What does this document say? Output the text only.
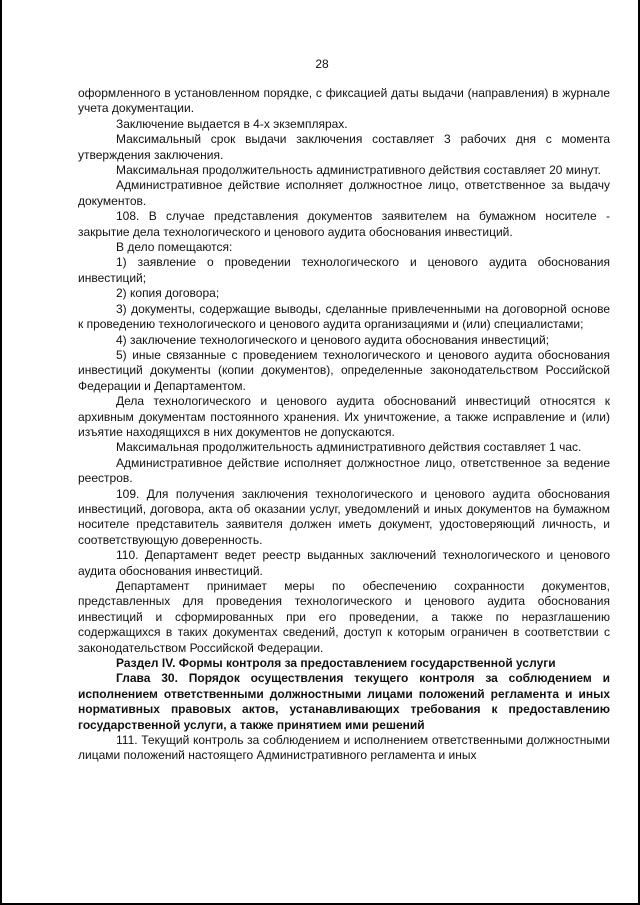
28

оформленного в установленном порядке, с фиксацией даты выдачи (направления) в журнале учета документации.

Заключение выдается в 4-х экземплярах.

Максимальный срок выдачи заключения составляет 3 рабочих дня с момента утверждения заключения.

Максимальная продолжительность административного действия составляет 20 минут.

Административное действие исполняет должностное лицо, ответственное за выдачу документов.

108. В случае представления документов заявителем на бумажном носителе - закрытие дела технологического и ценового аудита обоснования инвестиций.

В дело помещаются:

1) заявление о проведении технологического и ценового аудита обоснования инвестиций;

2) копия договора;

3) документы, содержащие выводы, сделанные привлеченными на договорной основе к проведению технологического и ценового аудита организациями и (или) специалистами;

4) заключение технологического и ценового аудита обоснования инвестиций;

5) иные связанные с проведением технологического и ценового аудита обоснования инвестиций документы (копии документов), определенные законодательством Российской Федерации и Департаментом.

Дела технологического и ценового аудита обоснований инвестиций относятся к архивным документам постоянного хранения. Их уничтожение, а также исправление и (или) изъятие находящихся в них документов не допускаются.

Максимальная продолжительность административного действия составляет 1 час.

Административное действие исполняет должностное лицо, ответственное за ведение реестров.

109. Для получения заключения технологического и ценового аудита обоснования инвестиций, договора, акта об оказании услуг, уведомлений и иных документов на бумажном носителе представитель заявителя должен иметь документ, удостоверяющий личность, и соответствующую доверенность.

110. Департамент ведет реестр выданных заключений технологического и ценового аудита обоснования инвестиций.

Департамент принимает меры по обеспечению сохранности документов, представленных для проведения технологического и ценового аудита обоснования инвестиций и сформированных при его проведении, а также по неразглашению содержащихся в таких документах сведений, доступ к которым ограничен в соответствии с законодательством Российской Федерации.

Раздел IV. Формы контроля за предоставлением государственной услуги

Глава 30. Порядок осуществления текущего контроля за соблюдением и исполнением ответственными должностными лицами положений регламента и иных нормативных правовых актов, устанавливающих требования к предоставлению государственной услуги, а также принятием ими решений

111. Текущий контроль за соблюдением и исполнением ответственными должностными лицами положений настоящего Административного регламента и иных
